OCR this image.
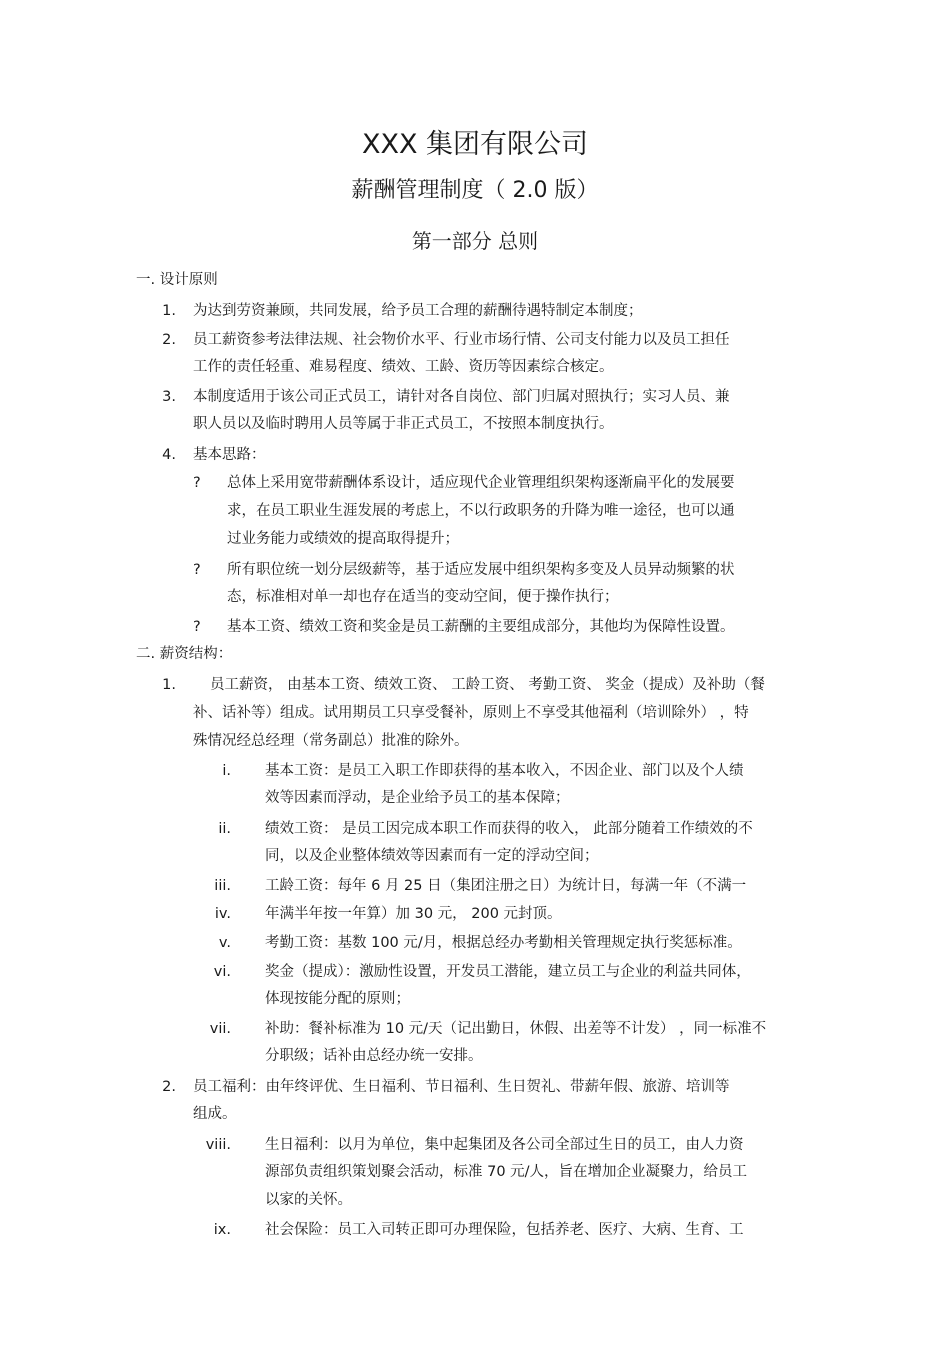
XXX 集团有限公司
薪酬管理制度（ 2.0 版）
第一部分 总则
一. 设计原则
1. 为达到劳资兼顾，共同发展，给予员工合理的薪酬待遇特制定本制度；
2. 员工薪资参考法律法规、社会物价水平、行业市场行情、公司支付能力以及员工担任
工作的责任轻重、难易程度、绩效、工龄、资历等因素综合核定。
3. 本制度适用于该公司正式员工，请针对各自岗位、部门归属对照执行；实习人员、兼
职人员以及临时聘用人员等属于非正式员工，不按照本制度执行。
4. 基本思路：
? 总体上采用宽带薪酬体系设计，适应现代企业管理组织架构逐渐扁平化的发展要
求，在员工职业生涯发展的考虑上，不以行政职务的升降为唯一途径，也可以通
过业务能力或绩效的提高取得提升；
? 所有职位统一划分层级薪等，基于适应发展中组织架构多变及人员异动频繁的状
态，标准相对单一却也存在适当的变动空间，便于操作执行；
? 基本工资、绩效工资和奖金是员工薪酬的主要组成部分，其他均为保障性设置。
二. 薪资结构：
1. 员工薪资， 由基本工资、绩效工资、 工龄工资、 考勤工资、 奖金（提成）及补助（餐
补、话补等）组成。试用期员工只享受餐补，原则上不享受其他福利（培训除外） ，特
殊情况经总经理（常务副总）批准的除外。
i. 基本工资：是员工入职工作即获得的基本收入，不因企业、部门以及个人绩
效等因素而浮动，是企业给予员工的基本保障；
ii. 绩效工资： 是员工因完成本职工作而获得的收入， 此部分随着工作绩效的不
同，以及企业整体绩效等因素而有一定的浮动空间；
iii. 工龄工资：每年 6 月 25 日（集团注册之日）为统计日，每满一年（不满一
iv. 年满半年按一年算）加 30 元， 200 元封顶。
v. 考勤工资：基数 100 元/月，根据总经办考勤相关管理规定执行奖惩标准。
vi. 奖金（提成）：激励性设置，开发员工潜能，建立员工与企业的利益共同体，
体现按能分配的原则；
vii. 补助：餐补标准为 10 元/天（记出勤日，休假、出差等不计发） ，同一标准不
分职级；话补由总经办统一安排。
2. 员工福利：由年终评优、生日福利、节日福利、生日贺礼、带薪年假、旅游、培训等
组成。
viii. 生日福利：以月为单位，集中起集团及各公司全部过生日的员工，由人力资
源部负责组织策划聚会活动，标准 70 元/人，旨在增加企业凝聚力，给员工
以家的关怀。
ix. 社会保险：员工入司转正即可办理保险，包括养老、医疗、大病、生育、工
